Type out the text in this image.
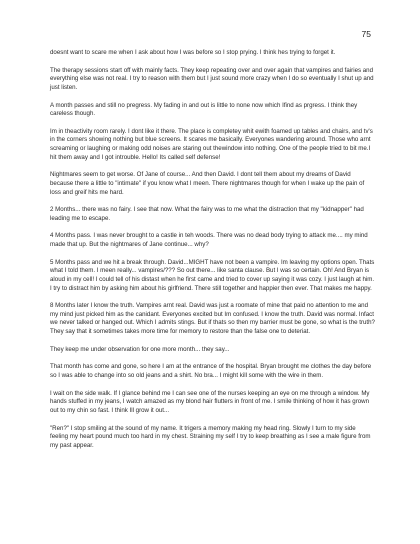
75

doesnt want to scare me when I ask about how I was before so I stop prying. I think hes trying to forget it.

The therapy sessions start off with mainly facts. They keep repeating over and over again that vampires and fairies and everything else was not real. I try to reason with them but I just sound more crazy when I do so eventually I shut up and just listen.

A month passes and still no pregress. My fading in and out is little to none now which Ifind as prgress. I think they careless though.

Im in theactivity room rarely. I dont like it there. The place is completey whit ewith foamed up tables and chairs, and tv's in the corners showing nothing but blue screens. It scares me basically. Everyones wandering around. Those who arnt screaming or laughing or making odd noises are staring out thewindow into nothing. One of the people tried to bit me.I hit them away and I got introuble. Hello! Its called self defense!

Nightmares seem to get worse. Of Jane of course... And then David. I dont tell them about my dreams of David because there a little to "intimate" if you know what I meen. There nightmares though for when I wake up the pain of loss and greif hits me hard.

2 Months... there was no fairy. I see that now. What the fairy was to me what the distraction that my "kidnapper" had leading me to escape.

4 Months pass. I was never brought to a castle in teh woods. There was no dead body trying to attack me.... my mind made that up. But the nightmares of Jane continue... why?

5 Months pass and we hit a break through. David...MIGHT have not been a vampire. Im leaving my options open. Thats what I told them. I meen really... vampires/??? So out there... like santa clause. But I was so certain. Oh! And Bryan is aloud in my cell! I could tell of his distast when he first came and tried to cover up saying it was cozy. I just laugh at him. I try to distract him by asking him about his girlfriend. There still together and happier then ever. That makes me happy.

8 Months later I know the truth. Vampires arnt real. David was just a roomate of mine that paid no attention to me and my mind just picked him as the canidant. Everyones excited but Im confused. I know the truth. David was normal. Infact we never talked or hanged out. Which I admits stings. But if thats so then my barrier must be gone, so what is the truth? They say that it sometimes takes more time for memory to restore than the false one to deteriat.

They keep me under observation for one more month... they say...

That month has come and gone, so here I am at the entrance of the hospital. Bryan brought me clothes the day before so I was able to change into so old jeans and a shirt. No bra... I might kill some with the wire in them.

I wait on the side walk. If I glance behind me I can see one of the nurses keeping an eye on me through a window. My hands stuffed in my jeans, I watch amazed as my blond hair flutters in front of me. I smile thinking of how it has grown out to my chin so fast. I think Ill grow it out...

"Ren?" I stop smiling at the sound of my name. It trigers a memory making my head ring. Slowly I turn to my side feeling my heart pound much too hard in my chest. Straining my self I try to keep breathing as I see a male figure from my past appear.
